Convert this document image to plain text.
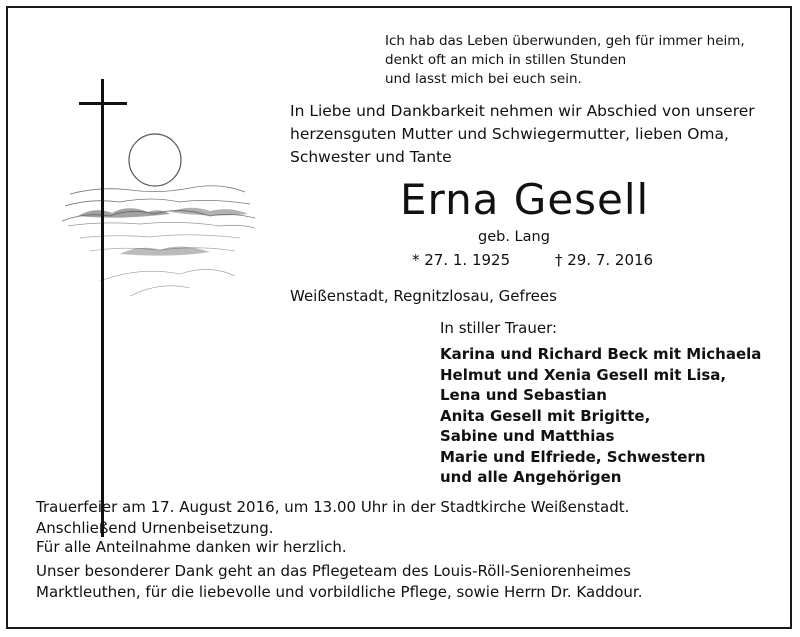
Ich hab das Leben überwunden, geh für immer heim,
denkt oft an mich in stillen Stunden
und lasst mich bei euch sein.
In Liebe und Dankbarkeit nehmen wir Abschied von unserer
herzensguten Mutter und Schwiegermutter, lieben Oma,
Schwester und Tante
Erna Gesell
geb. Lang
* 27. 1. 1925	† 29. 7. 2016
Weißenstadt, Regnitzlosau, Gefrees
In stiller Trauer:
Karina und Richard Beck mit Michaela
Helmut und Xenia Gesell mit Lisa,
Lena und Sebastian
Anita Gesell mit Brigitte,
Sabine und Matthias
Marie und Elfriede, Schwestern
und alle Angehörigen
Trauerfeier am 17. August 2016, um 13.00 Uhr in der Stadtkirche Weißenstadt.
Anschließend Urnenbeisetzung.
Für alle Anteilnahme danken wir herzlich.
Unser besonderer Dank geht an das Pflegeteam des Louis-Röll-Seniorenheimes
Marktleuthen, für die liebevolle und vorbildliche Pflege, sowie Herrn Dr. Kaddour.
